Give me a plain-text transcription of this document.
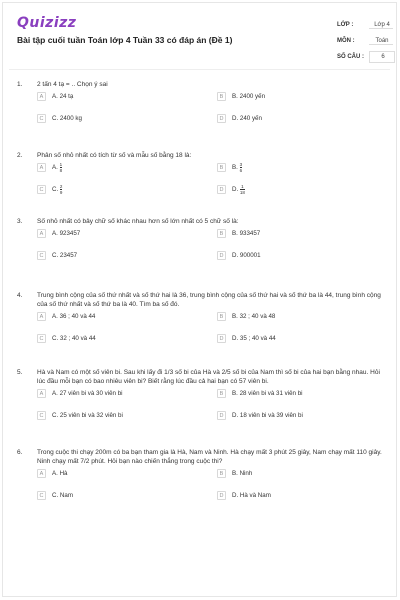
Quizizz
Bài tập cuối tuần Toán lớp 4 Tuần 33 có đáp án (Đề 1)
LỚP :	Lớp 4
MÔN :	Toán
SỐ CÂU :	6
1.	2 tấn 4 tạ = .. Chọn ý sai
A	A. 24 tạ	B	B. 2400 yến
C	C. 2400 kg	D	D. 240 yến
2.	Phân số nhỏ nhất có tích từ số và mẫu số bằng 18 là:
A	A. $\frac{1}{8}$	B	B. $\frac{3}{6}$
C	C. $\frac{2}{9}$	D	D. $\frac{1}{18}$
3.	Số nhỏ nhất có bảy chữ số khác nhau hơn số lớn nhất có 5 chữ số là:
A	A. 923457	B	B. 933457
C	C. 23457	D	D. 900001
4.	Trung bình cộng của số thứ nhất và số thứ hai là 36, trung bình cộng của số thứ hai và số thứ ba là 44, trung bình cộng của số thứ nhất và số thứ ba là 40. Tìm ba số đó.
A	A. 36 ; 40 và 44	B	B. 32 ; 40 và 48
C	C. 32 ; 40 và 44	D	D. 35 ; 40 và 44
5.	Hà và Nam có một số viên bi. Sau khi lấy đi 1/3 số bi của Hà và 2/5 số bi của Nam thì số bi của hai bạn bằng nhau. Hỏi lúc đầu mỗi bạn có bao nhiêu viên bi? Biết rằng lúc đầu cả hai bạn có 57 viên bi.
A	A. 27 viên bi và 30 viên bi	B	B. 28 viên bi và 31 viên bi
C	C. 25 viên bi và 32 viên bi	D	D. 18 viên bi và 39 viên bi
6.	Trong cuộc thi chạy 200m có ba bạn tham gia là Hà, Nam và Ninh. Hà chạy mất 3 phút 25 giây, Nam chạy mất 110 giây. Ninh chạy mất 7/2 phút. Hỏi bạn nào chiến thắng trong cuộc thi?
A	A. Hà	B	B. Ninh
C	C. Nam	D	D. Hà và Nam
